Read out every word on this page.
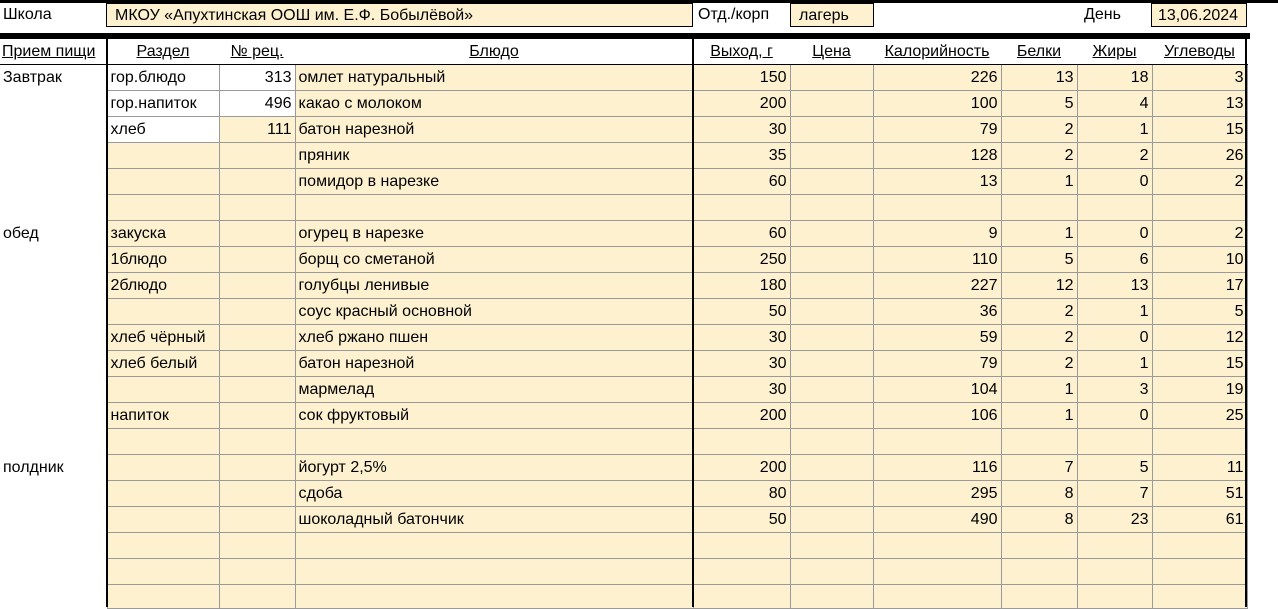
Школа	МКОУ «Апухтинская ООШ им. Е.Ф. Бобылёвой»	Отд./корп	лагерь	День	13,06.2024
Прием пищи	Раздел	№ рец.	Блюдо	Выход, г	Цена	Калорийность	Белки	Жиры	Углеводы
Завтрак	гор.блюдо	313	омлет натуральный	150		226	13	18	3
	гор.напиток	496	какао с молоком	200		100	5	4	13
	хлеб	111	батон нарезной	30		79	2	1	15
			пряник	35		128	2	2	26
			помидор в нарезке	60		13	1	0	2

обед	закуска		огурец в нарезке	60		9	1	0	2
	1блюдо		борщ со сметаной	250		110	5	6	10
	2блюдо		голубцы ленивые	180		227	12	13	17
			соус красный основной	50		36	2	1	5
	хлеб чёрный		хлеб ржано пшен	30		59	2	0	12
	хлеб белый		батон нарезной	30		79	2	1	15
			мармелад	30		104	1	3	19
	напиток		сок фруктовый	200		106	1	0	25

полдник			йогурт 2,5%	200		116	7	5	11
			сдоба	80		295	8	7	51
			шоколадный батончик	50		490	8	23	61
